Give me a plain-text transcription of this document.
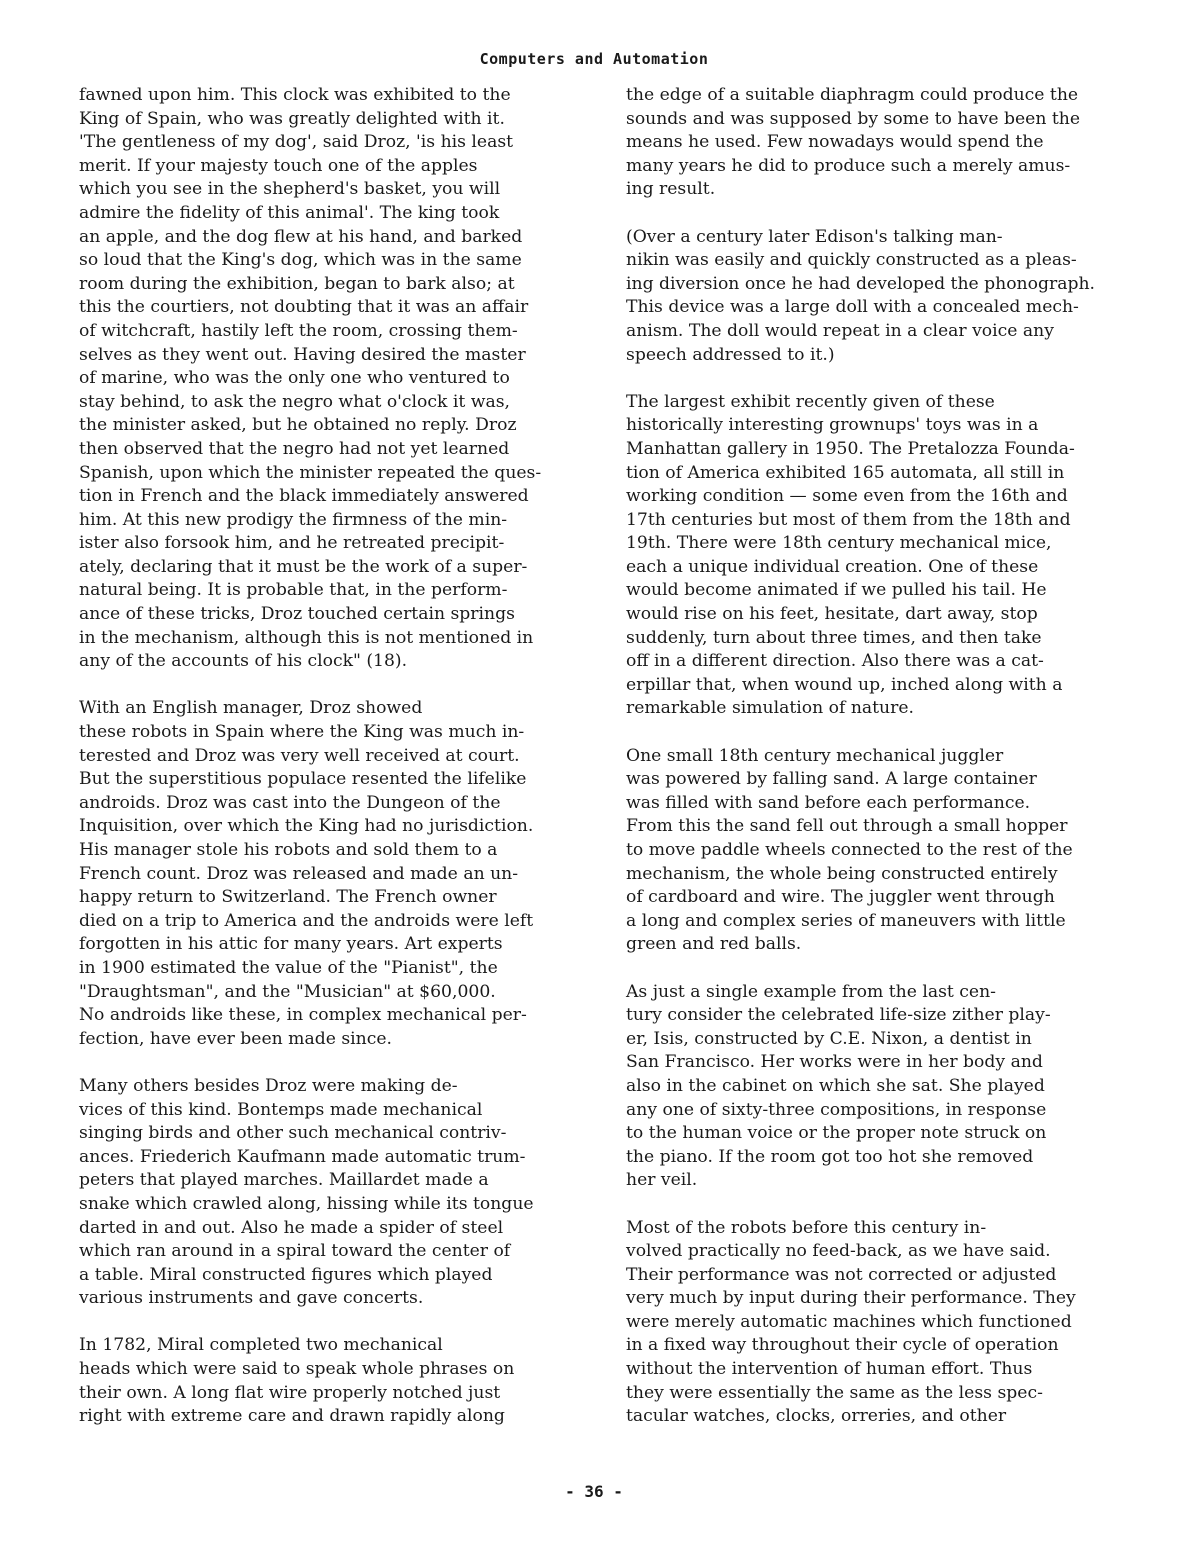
Computers and Automation

fawned upon him. This clock was exhibited to the
King of Spain, who was greatly delighted with it.
'The gentleness of my dog', said Droz, 'is his least
merit. If your majesty touch one of the apples
which you see in the shepherd's basket, you will
admire the fidelity of this animal'. The king took
an apple, and the dog flew at his hand, and barked
so loud that the King's dog, which was in the same
room during the exhibition, began to bark also; at
this the courtiers, not doubting that it was an affair
of witchcraft, hastily left the room, crossing them-
selves as they went out. Having desired the master
of marine, who was the only one who ventured to
stay behind, to ask the negro what o'clock it was,
the minister asked, but he obtained no reply. Droz
then observed that the negro had not yet learned
Spanish, upon which the minister repeated the ques-
tion in French and the black immediately answered
him. At this new prodigy the firmness of the min-
ister also forsook him, and he retreated precipit-
ately, declaring that it must be the work of a super-
natural being. It is probable that, in the perform-
ance of these tricks, Droz touched certain springs
in the mechanism, although this is not mentioned in
any of the accounts of his clock" (18).

With an English manager, Droz showed
these robots in Spain where the King was much in-
terested and Droz was very well received at court.
But the superstitious populace resented the lifelike
androids. Droz was cast into the Dungeon of the
Inquisition, over which the King had no jurisdiction.
His manager stole his robots and sold them to a
French count. Droz was released and made an un-
happy return to Switzerland. The French owner
died on a trip to America and the androids were left
forgotten in his attic for many years. Art experts
in 1900 estimated the value of the "Pianist", the
"Draughtsman", and the "Musician" at $60,000.
No androids like these, in complex mechanical per-
fection, have ever been made since.

Many others besides Droz were making de-
vices of this kind. Bontemps made mechanical
singing birds and other such mechanical contriv-
ances. Friederich Kaufmann made automatic trum-
peters that played marches. Maillardet made a
snake which crawled along, hissing while its tongue
darted in and out. Also he made a spider of steel
which ran around in a spiral toward the center of
a table. Miral constructed figures which played
various instruments and gave concerts.

In 1782, Miral completed two mechanical
heads which were said to speak whole phrases on
their own. A long flat wire properly notched just
right with extreme care and drawn rapidly along

the edge of a suitable diaphragm could produce the
sounds and was supposed by some to have been the
means he used. Few nowadays would spend the
many years he did to produce such a merely amus-
ing result.

(Over a century later Edison's talking man-
nikin was easily and quickly constructed as a pleas-
ing diversion once he had developed the phonograph.
This device was a large doll with a concealed mech-
anism. The doll would repeat in a clear voice any
speech addressed to it.)

The largest exhibit recently given of these
historically interesting grownups' toys was in a
Manhattan gallery in 1950. The Pretalozza Founda-
tion of America exhibited 165 automata, all still in
working condition — some even from the 16th and
17th centuries but most of them from the 18th and
19th. There were 18th century mechanical mice,
each a unique individual creation. One of these
would become animated if we pulled his tail. He
would rise on his feet, hesitate, dart away, stop
suddenly, turn about three times, and then take
off in a different direction. Also there was a cat-
erpillar that, when wound up, inched along with a
remarkable simulation of nature.

One small 18th century mechanical juggler
was powered by falling sand. A large container
was filled with sand before each performance.
From this the sand fell out through a small hopper
to move paddle wheels connected to the rest of the
mechanism, the whole being constructed entirely
of cardboard and wire. The juggler went through
a long and complex series of maneuvers with little
green and red balls.

As just a single example from the last cen-
tury consider the celebrated life-size zither play-
er, Isis, constructed by C.E. Nixon, a dentist in
San Francisco. Her works were in her body and
also in the cabinet on which she sat. She played
any one of sixty-three compositions, in response
to the human voice or the proper note struck on
the piano. If the room got too hot she removed
her veil.

Most of the robots before this century in-
volved practically no feed-back, as we have said.
Their performance was not corrected or adjusted
very much by input during their performance. They
were merely automatic machines which functioned
in a fixed way throughout their cycle of operation
without the intervention of human effort. Thus
they were essentially the same as the less spec-
tacular watches, clocks, orreries, and other

- 36 -
